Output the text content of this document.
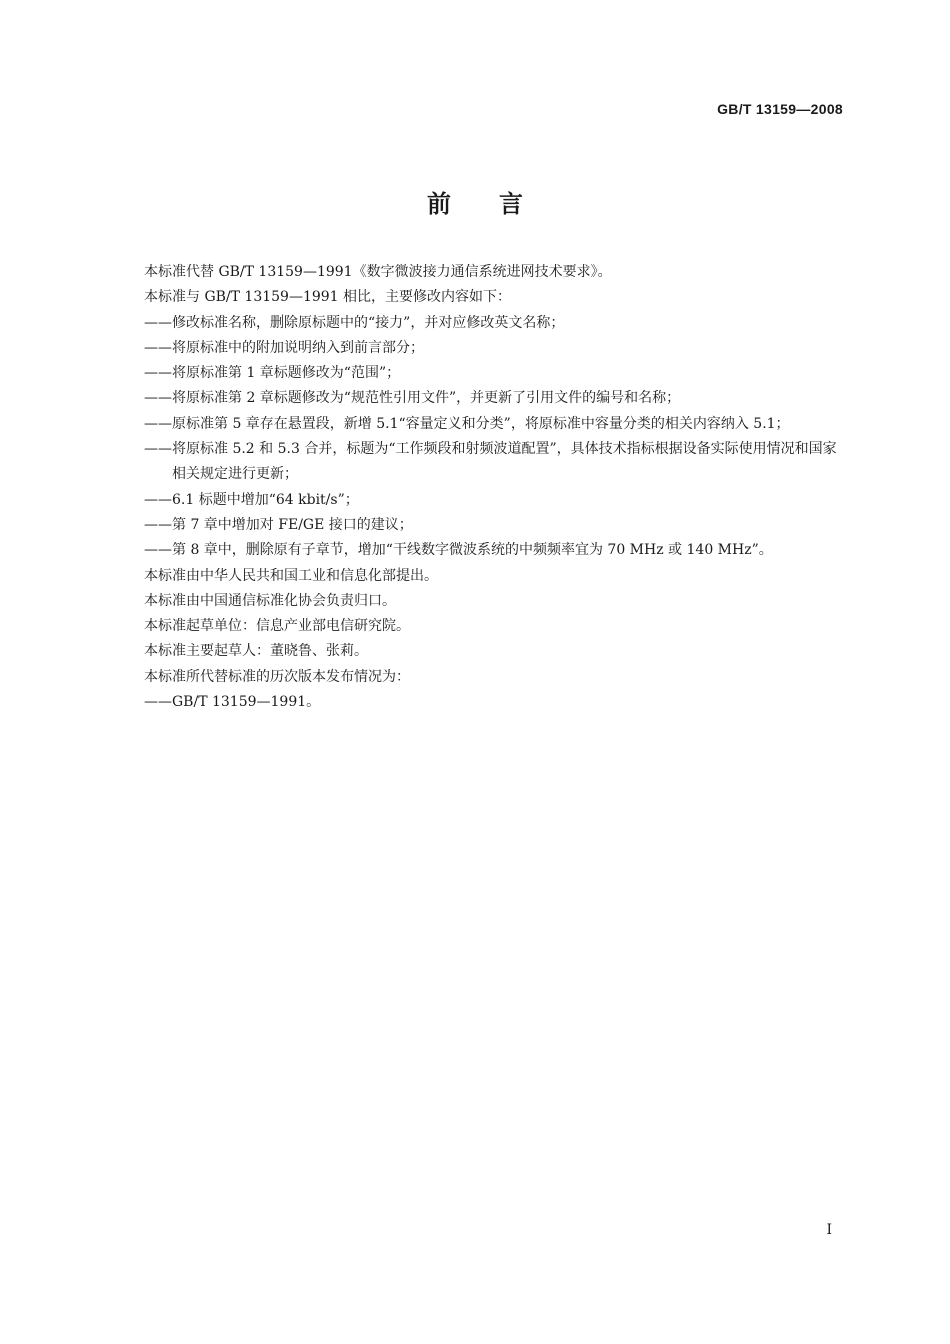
GB/T 13159—2008
前言

本标准代替 GB/T 13159—1991《数字微波接力通信系统进网技术要求》。

本标准与 GB/T 13159—1991 相比，主要修改内容如下：

——修改标准名称，删除原标题中的“接力”，并对应修改英文名称；

——将原标准中的附加说明纳入到前言部分；

——将原标准第 1 章标题修改为“范围”；

——将原标准第 2 章标题修改为“规范性引用文件”，并更新了引用文件的编号和名称；

——原标准第 5 章存在悬置段，新增 5.1“容量定义和分类”，将原标准中容量分类的相关内容纳入 5.1；

——将原标准 5.2 和 5.3 合并，标题为“工作频段和射频波道配置”，具体技术指标根据设备实际使用情况和国家相关规定进行更新；

——6.1 标题中增加“64 kbit/s”；

——第 7 章中增加对 FE/GE 接口的建议；

——第 8 章中，删除原有子章节，增加“干线数字微波系统的中频频率宜为 70 MHz 或 140 MHz”。

本标准由中华人民共和国工业和信息化部提出。

本标准由中国通信标准化协会负责归口。

本标准起草单位：信息产业部电信研究院。

本标准主要起草人：董晓鲁、张莉。

本标准所代替标准的历次版本发布情况为：

——GB/T 13159—1991。

I
